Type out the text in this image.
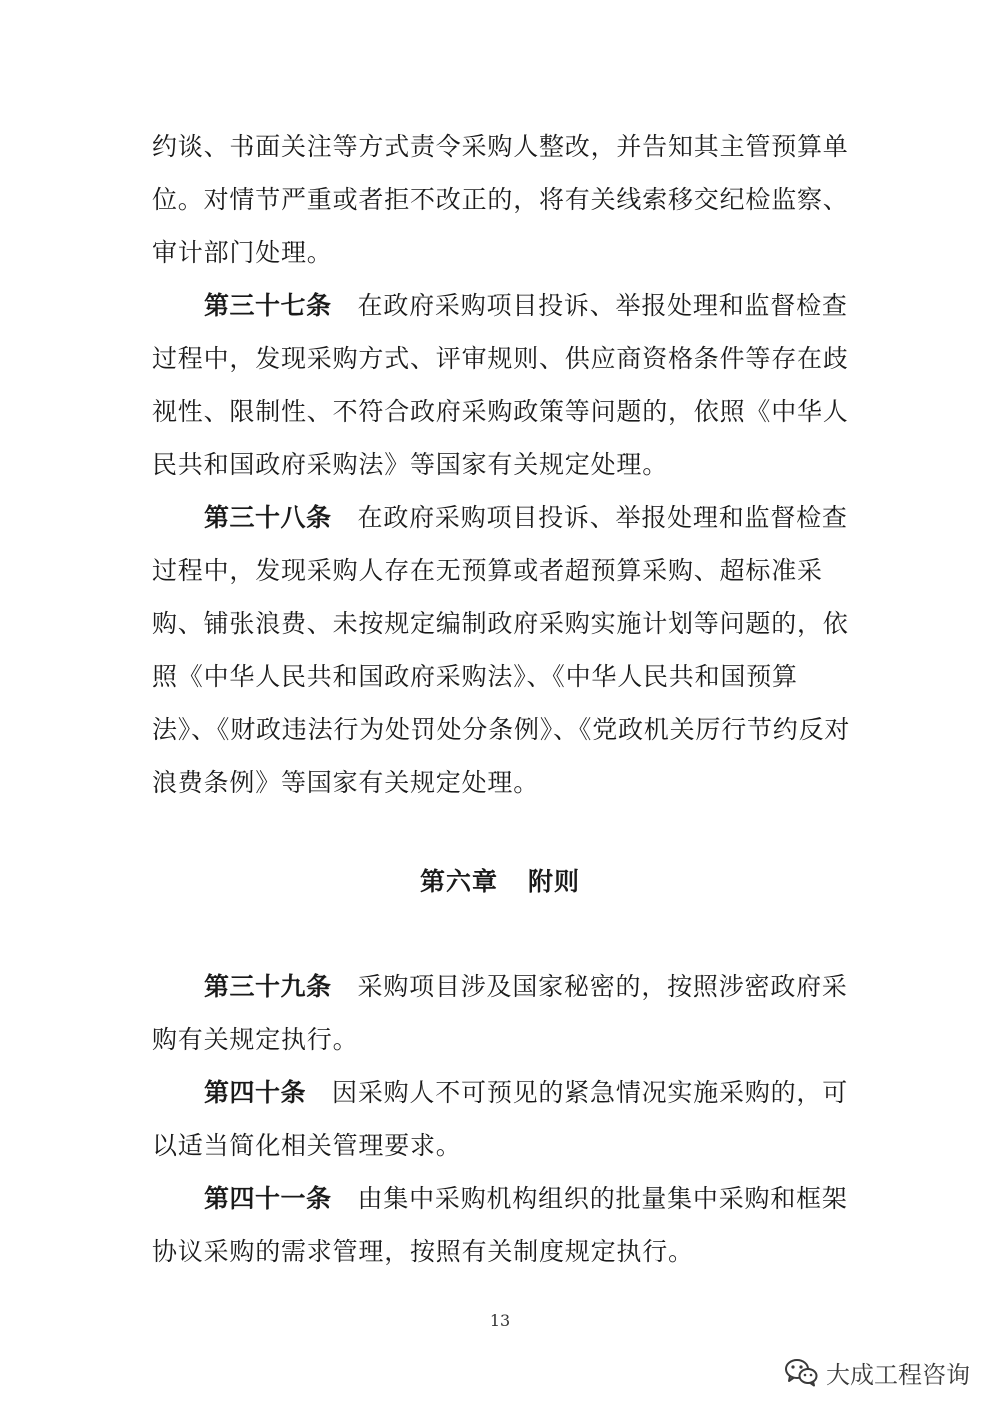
约谈、书面关注等方式责令采购人整改，并告知其主管预算单位。对情节严重或者拒不改正的，将有关线索移交纪检监察、审计部门处理。

第三十七条 在政府采购项目投诉、举报处理和监督检查过程中，发现采购方式、评审规则、供应商资格条件等存在歧视性、限制性、不符合政府采购政策等问题的，依照《中华人民共和国政府采购法》等国家有关规定处理。

第三十八条 在政府采购项目投诉、举报处理和监督检查过程中，发现采购人存在无预算或者超预算采购、超标准采购、铺张浪费、未按规定编制政府采购实施计划等问题的，依照《中华人民共和国政府采购法》、《中华人民共和国预算法》、《财政违法行为处罚处分条例》、《党政机关厉行节约反对浪费条例》等国家有关规定处理。

第六章 附则

第三十九条 采购项目涉及国家秘密的，按照涉密政府采购有关规定执行。

第四十条 因采购人不可预见的紧急情况实施采购的，可以适当简化相关管理要求。

第四十一条 由集中采购机构组织的批量集中采购和框架协议采购的需求管理，按照有关制度规定执行。

13
大成工程咨询
